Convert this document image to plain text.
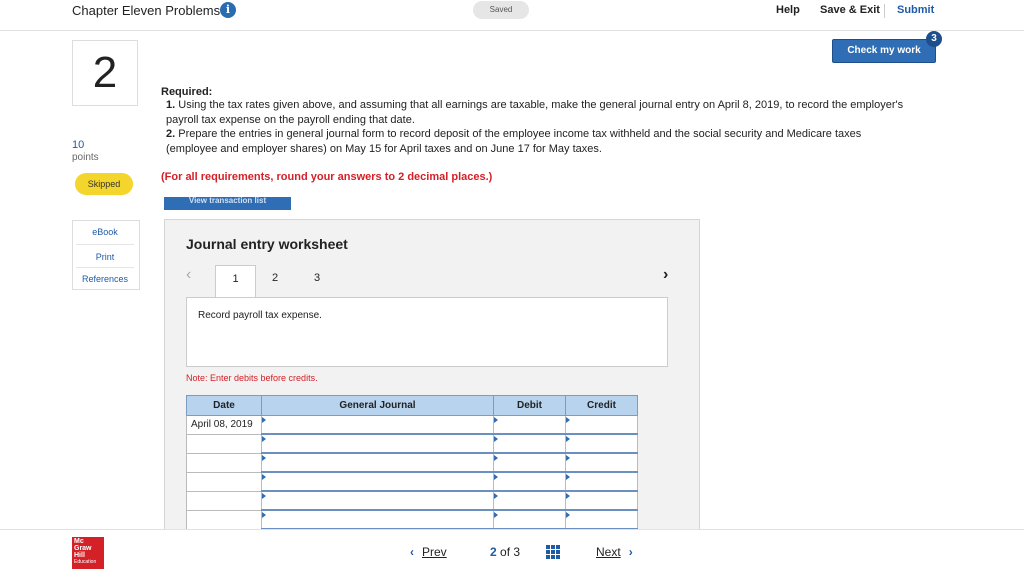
Chapter Eleven Problems i	Saved	Help Save & Exit Submit
Check my work
3
2
10
points
Skipped
eBook
Print
References
Required:
1. Using the tax rates given above, and assuming that all earnings are taxable, make the general journal entry on April 8, 2019, to record the employer's payroll tax expense on the payroll ending that date.
2. Prepare the entries in general journal form to record deposit of the employee income tax withheld and the social security and Medicare taxes (employee and employer shares) on May 15 for April taxes and on June 17 for May taxes.
(For all requirements, round your answers to 2 decimal places.)
View transaction list
Journal entry worksheet
‹	1	2	3	›
Record payroll tax expense.
Note: Enter debits before credits.
Date	General Journal	Debit	Credit
April 08, 2019			

Mc
Graw
Hill
Education
‹ Prev	2 of 3	Next ›
